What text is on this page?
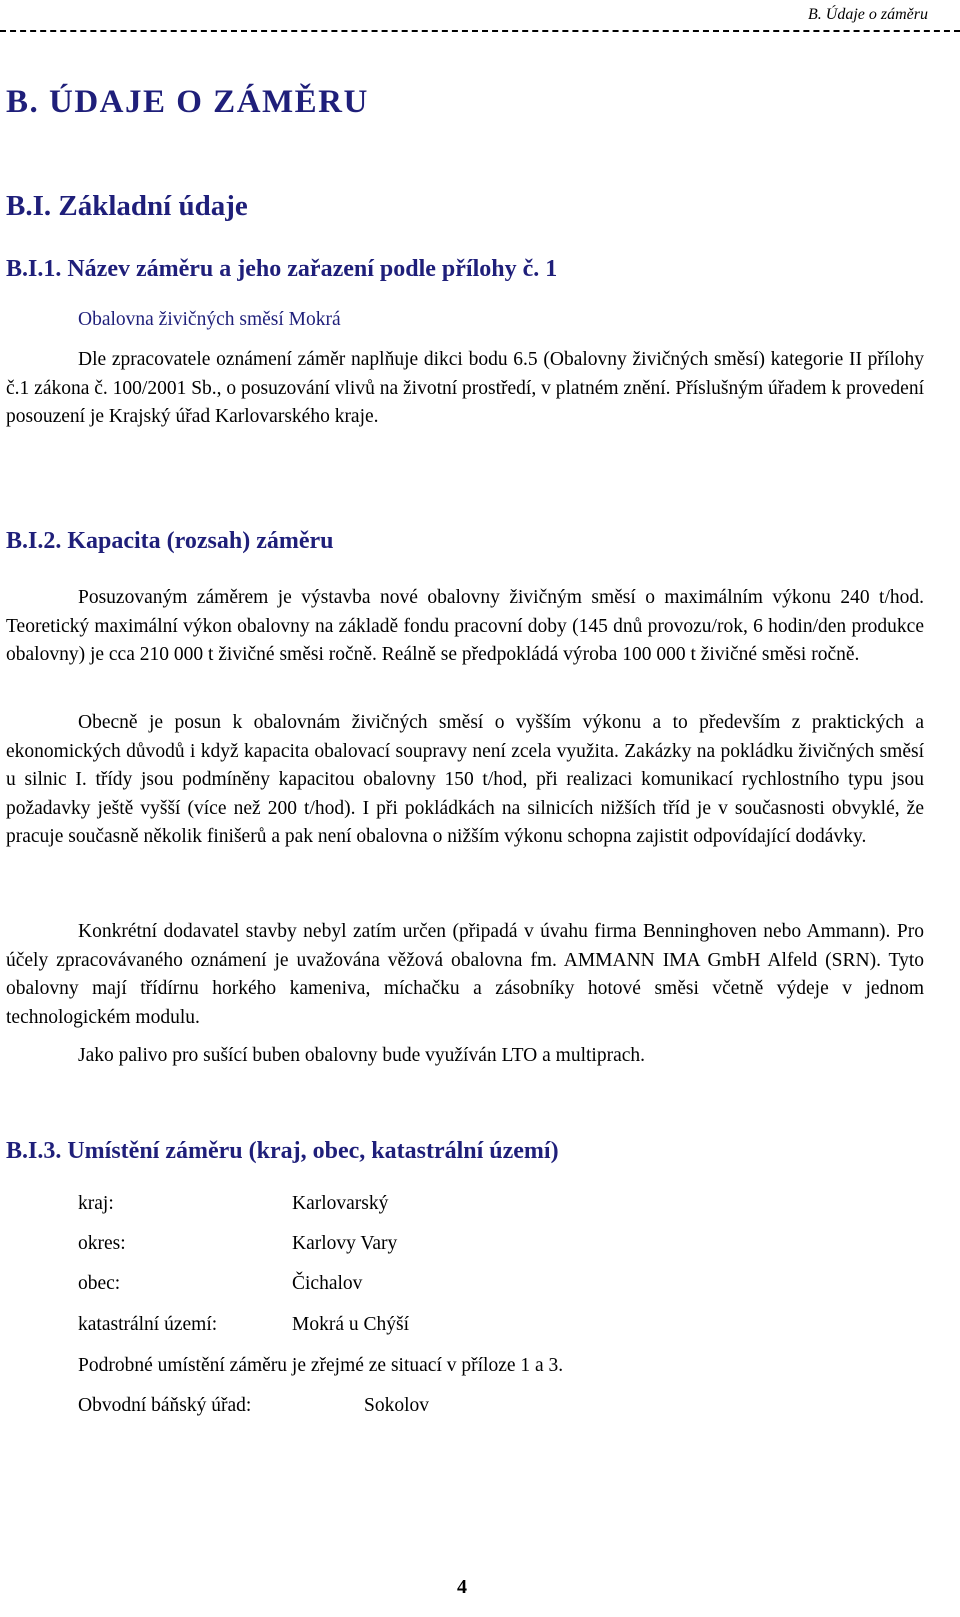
B. Údaje o záměru
B. ÚDAJE O ZÁMĚRU
B.I. Základní údaje
B.I.1. Název záměru a jeho zařazení podle přílohy č. 1
Obalovna živičných směsí Mokrá

Dle zpracovatele oznámení záměr naplňuje dikci bodu 6.5 (Obalovny živičných směsí) kategorie II přílohy č.1 zákona č. 100/2001 Sb., o posuzování vlivů na životní prostředí, v platném znění. Příslušným úřadem k provedení posouzení je Krajský úřad Karlovarského kraje.

B.I.2. Kapacita (rozsah) záměru

Posuzovaným záměrem je výstavba nové obalovny živičným směsí o maximálním výkonu 240 t/hod. Teoretický maximální výkon obalovny na základě fondu pracovní doby (145 dnů provozu/rok, 6 hodin/den produkce obalovny) je cca 210 000 t živičné směsi ročně. Reálně se předpokládá výroba 100 000 t živičné směsi ročně.

Obecně je posun k obalovnám živičných směsí o vyšším výkonu a to především z praktických a ekonomických důvodů i když kapacita obalovací soupravy není zcela využita. Zakázky na pokládku živičných směsí u silnic I. třídy jsou podmíněny kapacitou obalovny 150 t/hod, při realizaci komunikací rychlostního typu jsou požadavky ještě vyšší (více než 200 t/hod). I při pokládkách na silnicích nižších tříd je v současnosti obvyklé, že pracuje současně několik finišerů a pak není obalovna o nižším výkonu schopna zajistit odpovídající dodávky.

Konkrétní dodavatel stavby nebyl zatím určen (připadá v úvahu firma Benninghoven nebo Ammann). Pro účely zpracovávaného oznámení je uvažována věžová obalovna fm. AMMANN IMA GmbH Alfeld (SRN). Tyto obalovny mají třídírnu horkého kameniva, míchačku a zásobníky hotové směsi včetně výdeje v jednom technologickém modulu.

Jako palivo pro sušící buben obalovny bude využíván LTO a multiprach.

B.I.3. Umístění záměru (kraj, obec, katastrální území)
kraj:	Karlovarský
okres:	Karlovy Vary
obec:	Čichalov
katastrální území:	Mokrá u Chýší
Podrobné umístění záměru je zřejmé ze situací v příloze 1 a 3.
Obvodní báňský úřad:	Sokolov
4
